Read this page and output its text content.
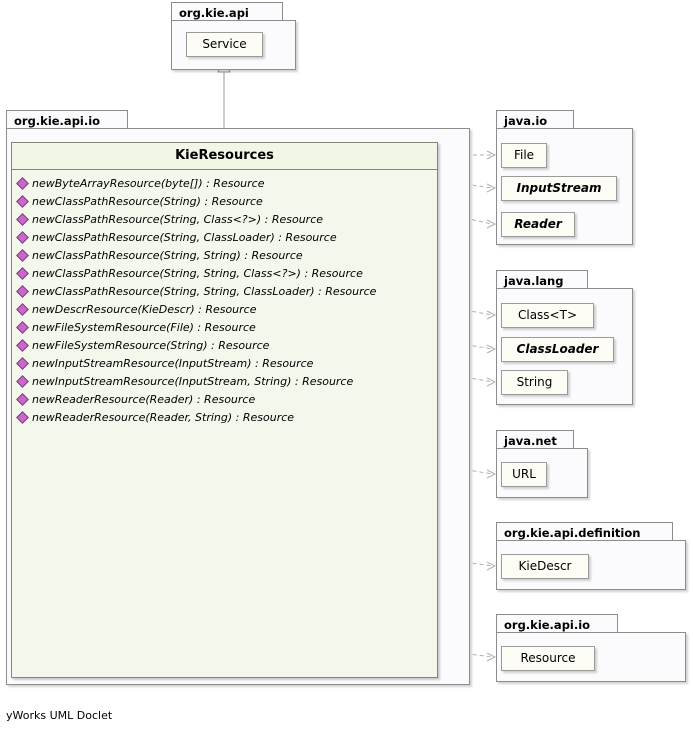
org.kie.api
Service
org.kie.api.io
KieResources
newByteArrayResource(byte[]) : Resource
newClassPathResource(String) : Resource
newClassPathResource(String, Class<?>) : Resource
newClassPathResource(String, ClassLoader) : Resource
newClassPathResource(String, String) : Resource
newClassPathResource(String, String, Class<?>) : Resource
newClassPathResource(String, String, ClassLoader) : Resource
newDescrResource(KieDescr) : Resource
newFileSystemResource(File) : Resource
newFileSystemResource(String) : Resource
newInputStreamResource(InputStream) : Resource
newInputStreamResource(InputStream, String) : Resource
newReaderResource(Reader) : Resource
newReaderResource(Reader, String) : Resource
java.io
File
InputStream
Reader
java.lang
Class<T>
ClassLoader
String
java.net
URL
org.kie.api.definition
KieDescr
org.kie.api.io
Resource
yWorks UML Doclet
